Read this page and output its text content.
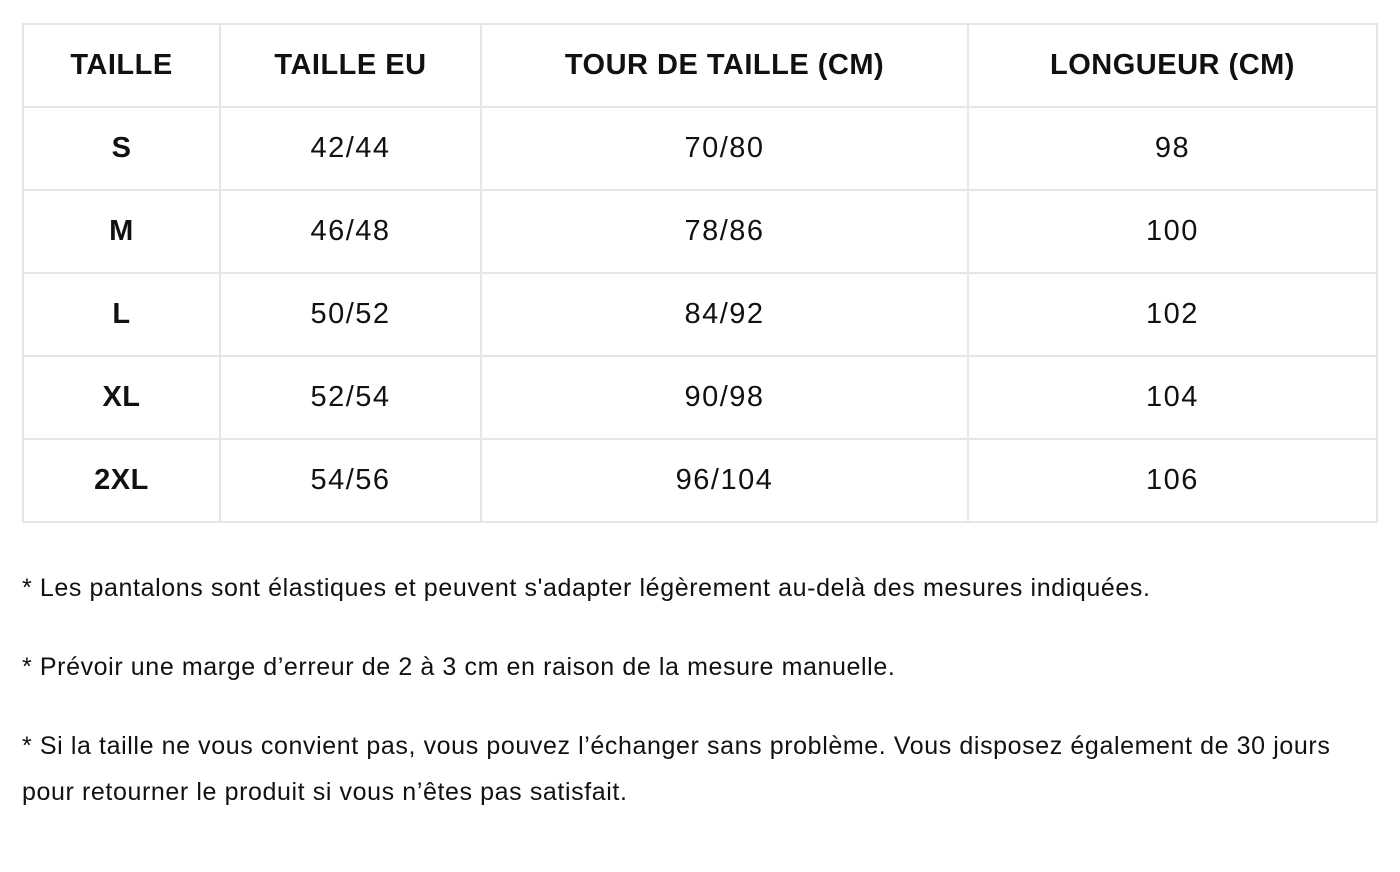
TAILLE	TAILLE EU	TOUR DE TAILLE (CM)	LONGUEUR (CM)
S	42/44	70/80	98
M	46/48	78/86	100
L	50/52	84/92	102
XL	52/54	90/98	104
2XL	54/56	96/104	106

* Les pantalons sont élastiques et peuvent s'adapter légèrement au-delà des mesures indiquées.

* Prévoir une marge d’erreur de 2 à 3 cm en raison de la mesure manuelle.

* Si la taille ne vous convient pas, vous pouvez l’échanger sans problème. Vous disposez également de 30 jours pour retourner le produit si vous n’êtes pas satisfait.
